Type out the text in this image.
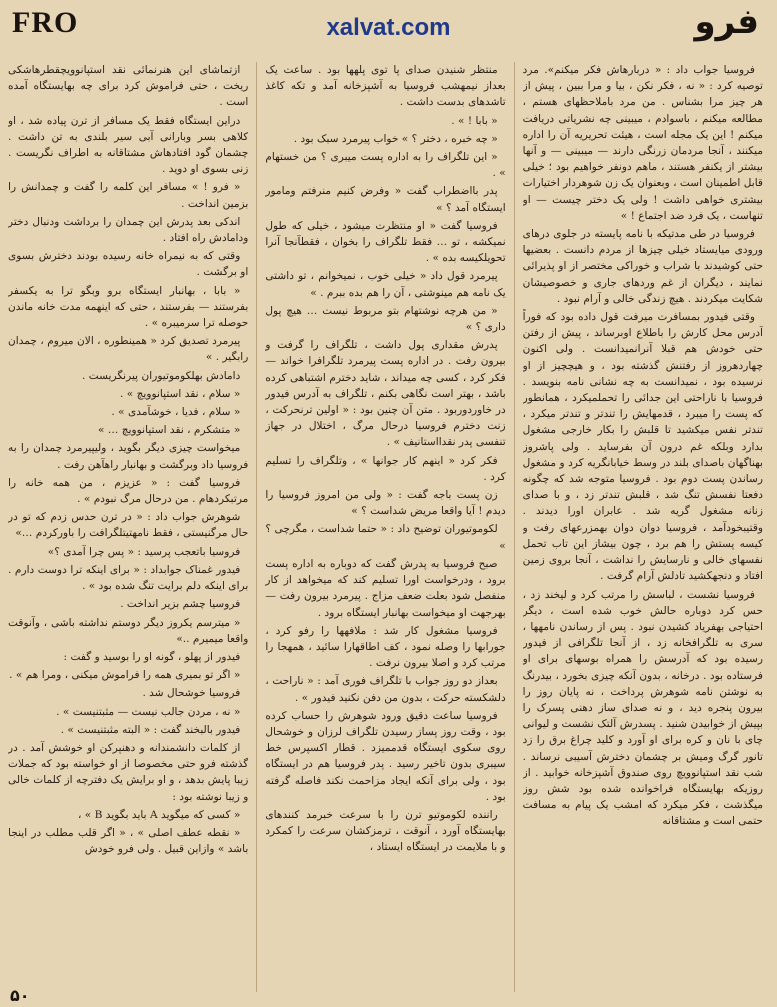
FRO	xalvat.com	فرو

فروسیا جواب داد : « دربارهاش فکر میکنم». مرد توصیه کرد : « نه ، فکر نکن ، بیا و مرا ببین ، پیش از هر چیز مرا بشناس . من مرد باملاحظهای هستم ، مطالعه میکنم ، باسوادم ، میبینی چه نشریاتی دریافت میکنم ! این یک مجله است ، هیئت تحریریه آن را اداره میکنند ، آنجا مردمان زرنگی دارند — میبینی — و آنها بیشتر از یکنفر هستند ، ماهم دونفر خواهیم بود ؛ خیلی قابل اطمینان است ، وبعنوان یک زن شوهردار اختیارات بیشتری خواهی داشت ! ولی یک دختر چیست — او تنهاست ، یک فرد ضد اجتماع ! »

فروسیا در طی مدتیکه با نامه پایسته در جلوی درهای ورودی میایستاد خیلی چیزها از مردم دانست . بعضیها حتی کوشیدند با شراب و خوراکی مختصر از او پذیرائی نمایند ، دیگران از غم وردهای جاری و خصوصیشان شکایت میکردند . هیچ زندگی خالی و آرام نبود .

وقتی فیدور بمسافرت میرفت قول داده بود که فوراً آدرس محل کارش را باطلاع اوبرساند ، پیش از رفتن حتی خودش هم قبلا آنرانمیدانست . ولی اکنون چهاردهروز از رفتنش گذشته بود ، و هیچچیز از او نرسیده بود ، نمیدانست به چه نشانی نامه بنویسد . فروسیا با ناراحتی این جدائی را تحملمیکرد ، همانطور که پست را میبرد ، قدمهایش را تندتر و تندتر میکرد ، تندتر نفس میکشید تا قلبش را بکار خارجی مشغول بدارد وبلکه غم درون آن بفرساید . ولی پاشروز بهناگهان باصدای بلند در وسط خیابانگریه کرد و مشغول رساندن پست دوم بود . فروسیا متوجه شد که چگونه دفعتا نفسش تنگ شد ، قلبش تندتر زد ، و با صدای زنانه مشغول گریه شد . عابران اورا دیدند . وقتیبخودآمد ، فروسیا دوان دوان بهمزرعهای رفت و کیسه پستش را هم برد ، چون بیشاز این تاب تحمل نفسهای خالی و نارسایش را نداشت ، آنجا بروی زمین افتاد و دنجهکشید تادلش آرام گرفت .

فروسیا نشست ، لباسش را مرتب کرد و لیخند زد ، حس کرد دوباره حالش خوب شده است ، دیگر احتیاجی بهفریاد کشیدن نبود . پس از رساندن نامهها ، سری به تلگرافخانه زد ، از آنجا تلگرافی از فیدور رسیده بود که آدرسش را همراه بوسهای برای او فرستاده بود . درخانه ، بدون آنکه چیزی بخورد ، بیدرنگ به نوشتن نامه شوهرش پرداخت ، نه پایان روز را بیرون پنجره دید ، و نه صدای ساز دهنی پسرک را بپیش از خوابیدن شنید . پسدرش آلتک نشست و لیوانی چای با نان و کره برای او آورد و کلید چراغ برق را زد تانور گرگ ومیش بر چشمان دخترش آسیبی نرساند . شب نقد استپانوویچ روی صندوق آشپزخانه خوابید . از روزیکه بهایستگاه فراخوانده شده بود شش روز میگذشت ، فکر میکرد که امشب یک پیام به مسافت حتمی است و مشتاقانه

منتظر شنیدن صدای پا توی پلهها بود . ساعت یک بعداز نیمهشب فروسیا به آشپزخانه آمد و تکه کاغذ تاشدهای بدست داشت .

« بابا ! » .

« چه خبره ، دختر ؟ » خواب پیرمرد سبک بود .

« این تلگراف را به اداره پست میبری ؟ من خستهام » .

پدر بااضطراب گفت « وفرض کنیم منرفتم ومامور ایستگاه آمد ؟ »

فروسیا گفت « او منتظرت میشود ، خیلی که طول نمیکشه ، تو … فقط تلگراف را بخوان ، فقطآنجا آنرا تحویلکیسه بده » .

پیرمرد قول داد « خیلی خوب ، نمیخوانم ، تو داشتی یک نامه هم مینوشتی ، آن را هم بده ببرم . »

« من هرچه نوشتهام بتو مربوط نیست … هیچ پول داری ؟ »

پدرش مقداری پول داشت ، تلگراف را گرفت و بیرون رفت . در اداره پست پیرمرد تلگرافرا خواند — فکر کرد ، کسی چه میداند ، شاید دخترم اشتباهی کرده باشد ، بهتر است نگاهی بکنم ، تلگراف به آدرس فیدور در خاوردوربود . متن آن چنین بود : « اولین ترنحرکت ، زنت دخترم فروسیا درحال مرگ ، اختلال در جهاز تنفسی پدر نقدااستانیف » .

فکر کرد « اینهم کار جوانها » ، وتلگراف را تسلیم کرد .

زن پست باجه گفت : « ولی من امروز فروسیا را دیدم ! آیا واقعا مریض شداست ؟ »

لکوموتیوران توضیح داد : « حتما شداست ، مگرچی ؟ »

صبح فروسیا به پدرش گفت که دوباره به اداره پست برود ، ودرخواست اورا تسلیم کند که میخواهد از کار منفصل شود بعلت ضعف مزاج . پیرمرد بیرون رفت — بهرجهت او میخواست بهانبار ایستگاه برود .

فروسیا مشغول کار شد : ملافهها را رفو کرد ، جورابها را وصله نمود ، کف اطاقهارا سائید ، همهجا را مرتب کرد و اصلا بیرون نرفت .

بعداز دو روز جواب با تلگراف فوری آمد : « ناراحت ، دلشکسته حرکت ، بدون من دفن نکنید فیدور » .

فروسیا ساعت دقیق ورود شوهرش را حساب کرده بود ، وقت روز پساز رسیدن تلگراف لرزان و خوشحال روی سکوی ایستگاه قدممیزد . قطار اکسپرس خط سیبری بدون تاخیر رسید . پدر فروسیا هم در ایستگاه بود ، ولی برای آنکه ایجاد مزاحمت نکند فاصله گرفته بود .

راننده لکوموتیو ترن را با سرعت خبرمد کنندهای بهایستگاه آورد ، آنوقت ، ترمزکشان سرعت را کمکرد و با ملایمت در ایستگاه ایستاد ،

ازتماشای این هنرنمائی نقد استپانوویچقطرهاشکی ریخت ، حتی فراموش کرد برای چه بهایستگاه آمده است .

دراین ایستگاه فقط یک مسافر از ترن پیاده شد ، او کلاهی بسر وبارانی آبی سیر بلندی به تن داشت . چشمان گود افتادهاش مشتاقانه به اطراف نگریست . زنی بسوی او دوید .

« فرو ! » مسافر این کلمه را گفت و چمدانش را بزمین انداخت .

اندکی بعد پدرش این چمدان را برداشت ودنبال دختر ودامادش راه افتاد .

وقتی که به نیمراه خانه رسیده بودند دخترش بسوی او برگشت .

« بابا ، بهانبار ایستگاه برو وبگو ترا به یکسفر بفرستند — بفرستند ، حتی که اینهمه مدت خانه ماندن حوصله ترا سرمیبره » .

پیرمرد تصدیق کرد « همینطوره ، الان میروم ، چمدان رابگیر . »

دامادش بهلکوموتیوران پیرنگریست .

« سلام ، نقد استپانوویچ » .

« سلام ، فدیا ، خوشآمدی » .

« متشکرم ، نقد استپانوویچ … »

میخواست چیزی دیگر بگوید ، ولیپیرمرد چمدان را به فروسیا داد وبرگشت و بهانبار راهآهن رفت .

فروسیا گفت : « عزیزم ، من همه خانه را مرتبکردهام . من درحال مرگ نبودم » .

شوهرش جواب داد : « در ترن حدس زدم که تو در حال مرگنیستی ، فقط نامهتیتلگرافت را باورکردم …»

فروسیا باتعجب پرسید : « پس چرا آمدی ؟»

فیدور غمناک جوابداد : « برای اینکه ترا دوست دارم . برای اینکه دلم برایت تنگ شده بود » .

فروسیا چشم بزیر انداخت .

« میترسم یکروز دیگر دوستم نداشته باشی ، وآنوقت واقعا میمیرم ..»

فیدور از پهلو ، گونه او را بوسید و گفت :

« اگر تو بمیری همه را فراموش میکنی ، ومرا هم » .

فروسیا خوشحال شد .

« نه ، مردن جالب نیست — مثبتنیست » .

فیدور بالبخند گفت : « البته مثبتنیست » .

از کلمات دانشمندانه و دهنپرکن او خوشش آمد . در گذشته فرو حتی مخصوصا از او خواسته بود که جملات زیبا پایش بدهد ، و او برایش یک دفترچه از کلمات خالی و زیبا نوشته بود :

« کسی که میگوید A باید بگوید B » ،

« نقطه عطف اصلی » ، « اگر قلب مطلب در اینجا باشد » وازاین قبیل . ولی فرو خودش

۵۰
